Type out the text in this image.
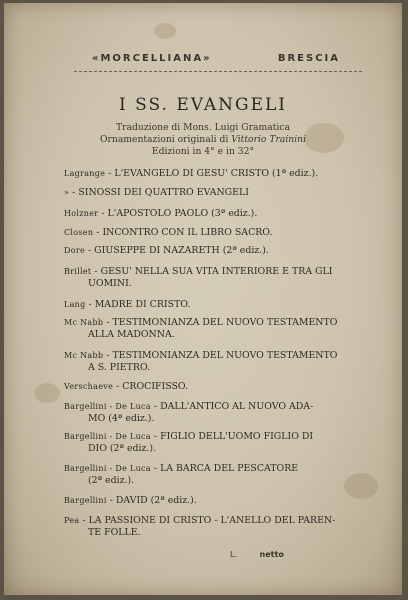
«MORCELLIANA»	BRESCIA
I SS. EVANGELI
Traduzione di Mons. Luigi Gramatica
Ornamentazioni originali di Vittorio Trainini
Edizioni in 4° e in 32°
Lagrange - L'EVANGELO DI GESU' CRISTO (1ª ediz.).
» - SINOSSI DEI QUATTRO EVANGELI
Holzner - L'APOSTOLO PAOLO (3ª ediz.).
Closen - INCONTRO CON IL LIBRO SACRO.
Dore - GIUSEPPE DI NAZARETH (2ª ediz.).
Brillet - GESU' NELLA SUA VITA INTERIORE E TRA GLI
UOMINI.
Lang - MADRE DI CRISTO.
Mc Nabb - TESTIMONIANZA DEL NUOVO TESTAMENTO
ALLA MADONNA.
Mc Nabb - TESTIMONIANZA DEL NUOVO TESTAMENTO
A S. PIETRO.
Verschaeve - CROCIFISSO.
Bargellini - De Luca - DALL'ANTICO AL NUOVO ADA-
MO (4ª ediz.).
Bargellini - De Luca - FIGLIO DELL'UOMO FIGLIO DI
DIO (2ª ediz.).
Bargellini - De Luca - LA BARCA DEL PESCATORE
(2ª ediz.).
Bargellini - DAVID (2ª ediz.).
Pea - LA PASSIONE DI CRISTO - L'ANELLO DEL PAREN-
TE FOLLE.
L.	netto
